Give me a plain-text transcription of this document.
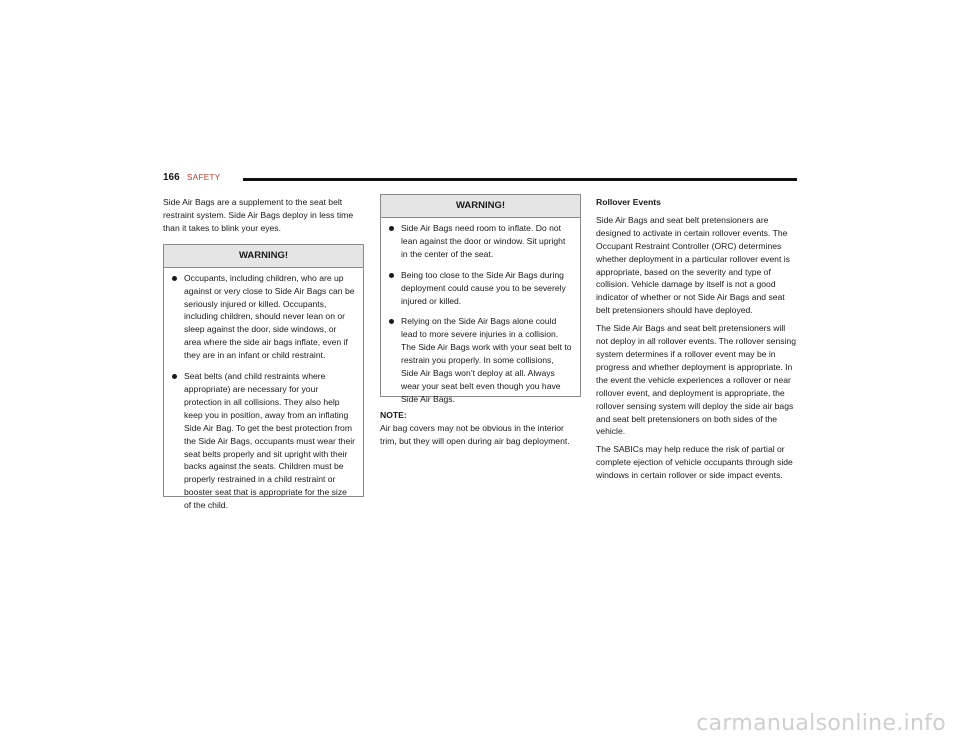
166 SAFETY

Side Air Bags are a supplement to the seat belt restraint system. Side Air Bags deploy in less time than it takes to blink your eyes.

WARNING!
Occupants, including children, who are up against or very close to Side Air Bags can be seriously injured or killed. Occupants, including children, should never lean on or sleep against the door, side windows, or area where the side air bags inflate, even if they are in an infant or child restraint.
Seat belts (and child restraints where appropriate) are necessary for your protection in all collisions. They also help keep you in position, away from an inflating Side Air Bag. To get the best protection from the Side Air Bags, occupants must wear their seat belts properly and sit upright with their backs against the seats. Children must be properly restrained in a child restraint or booster seat that is appropriate for the size of the child.
WARNING!
Side Air Bags need room to inflate. Do not lean against the door or window. Sit upright in the center of the seat.
Being too close to the Side Air Bags during deployment could cause you to be severely injured or killed.
Relying on the Side Air Bags alone could lead to more severe injuries in a collision. The Side Air Bags work with your seat belt to restrain you properly. In some collisions, Side Air Bags won’t deploy at all. Always wear your seat belt even though you have Side Air Bags.
NOTE:

Air bag covers may not be obvious in the interior trim, but they will open during air bag deployment.

Rollover Events

Side Air Bags and seat belt pretensioners are designed to activate in certain rollover events. The Occupant Restraint Controller (ORC) determines whether deployment in a particular rollover event is appropriate, based on the severity and type of collision. Vehicle damage by itself is not a good indicator of whether or not Side Air Bags and seat belt pretensioners should have deployed.

The Side Air Bags and seat belt pretensioners will not deploy in all rollover events. The rollover sensing system determines if a rollover event may be in progress and whether deployment is appropriate. In the event the vehicle experiences a rollover or near rollover event, and deployment is appropriate, the rollover sensing system will deploy the side air bags and seat belt pretensioners on both sides of the vehicle.

The SABICs may help reduce the risk of partial or complete ejection of vehicle occupants through side windows in certain rollover or side impact events.

carmanualsonline.info
